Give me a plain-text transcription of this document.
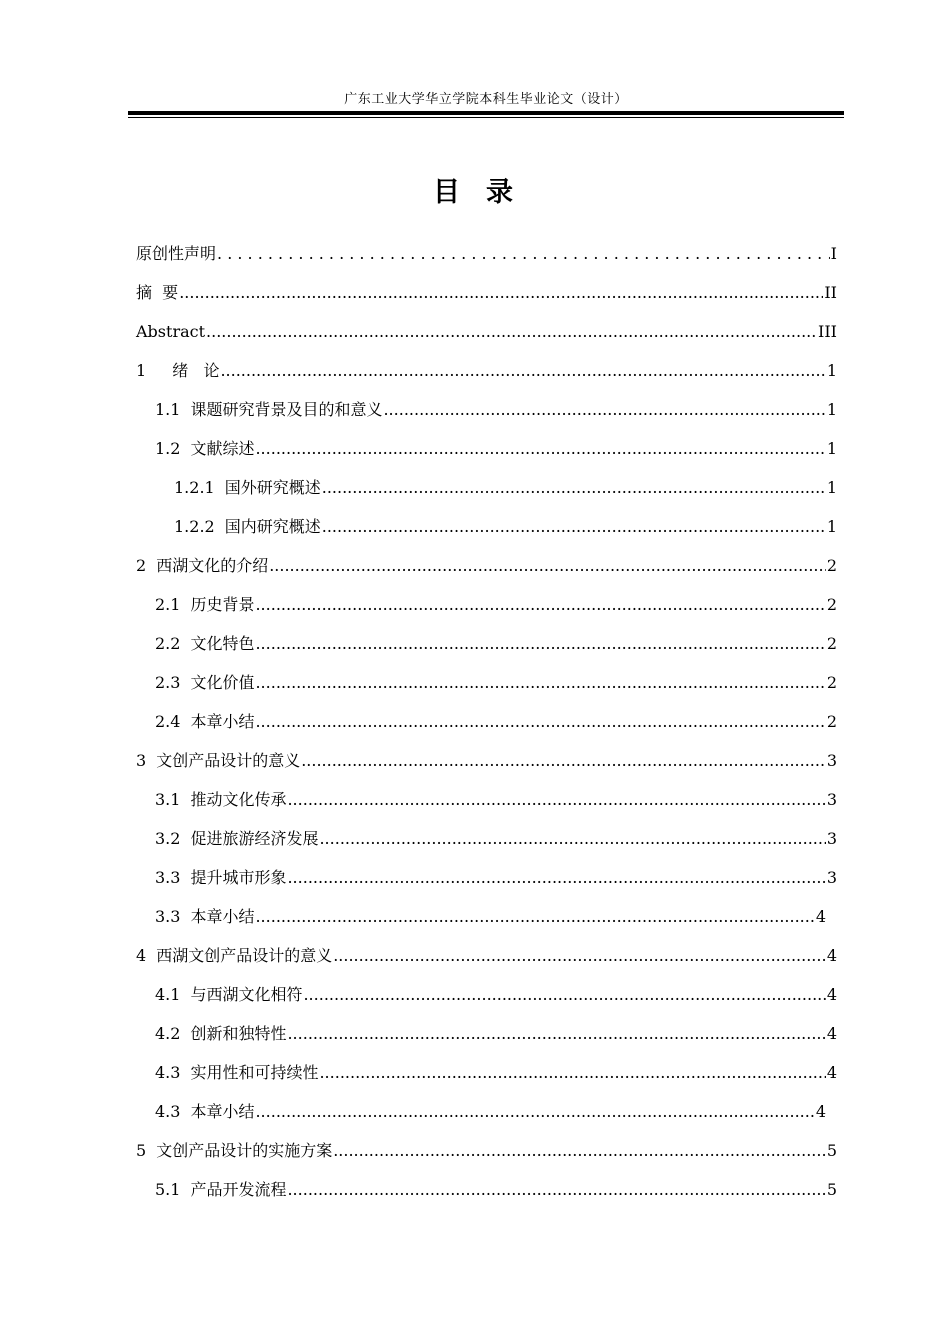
广东工业大学华立学院本科生毕业论文（设计）
目录
原创性声明 . . .	I
摘  要 .....	II
Abstract .....	III
1 绪   论 .....	1
1.1 课题研究背景及目的和意义 .....	1
1.2 文献综述 .....	1
1.2.1 国外研究概述 .....	1
1.2.2 国内研究概述 .....	1
2 西湖文化的介绍 .....	2
2.1 历史背景 .....	2
2.2 文化特色 .....	2
2.3 文化价值 .....	2
2.4 本章小结 .....	2
3 文创产品设计的意义 .....	3
3.1 推动文化传承 .....	3
3.2 促进旅游经济发展 .....	3
3.3 提升城市形象 .....	3
3.3 本章小结 .....	4
4 西湖文创产品设计的意义 .....	4
4.1 与西湖文化相符 .....	4
4.2 创新和独特性 .....	4
4.3 实用性和可持续性 .....	4
4.3 本章小结 .....	4
5 文创产品设计的实施方案 .....	5
5.1 产品开发流程 .....	5
